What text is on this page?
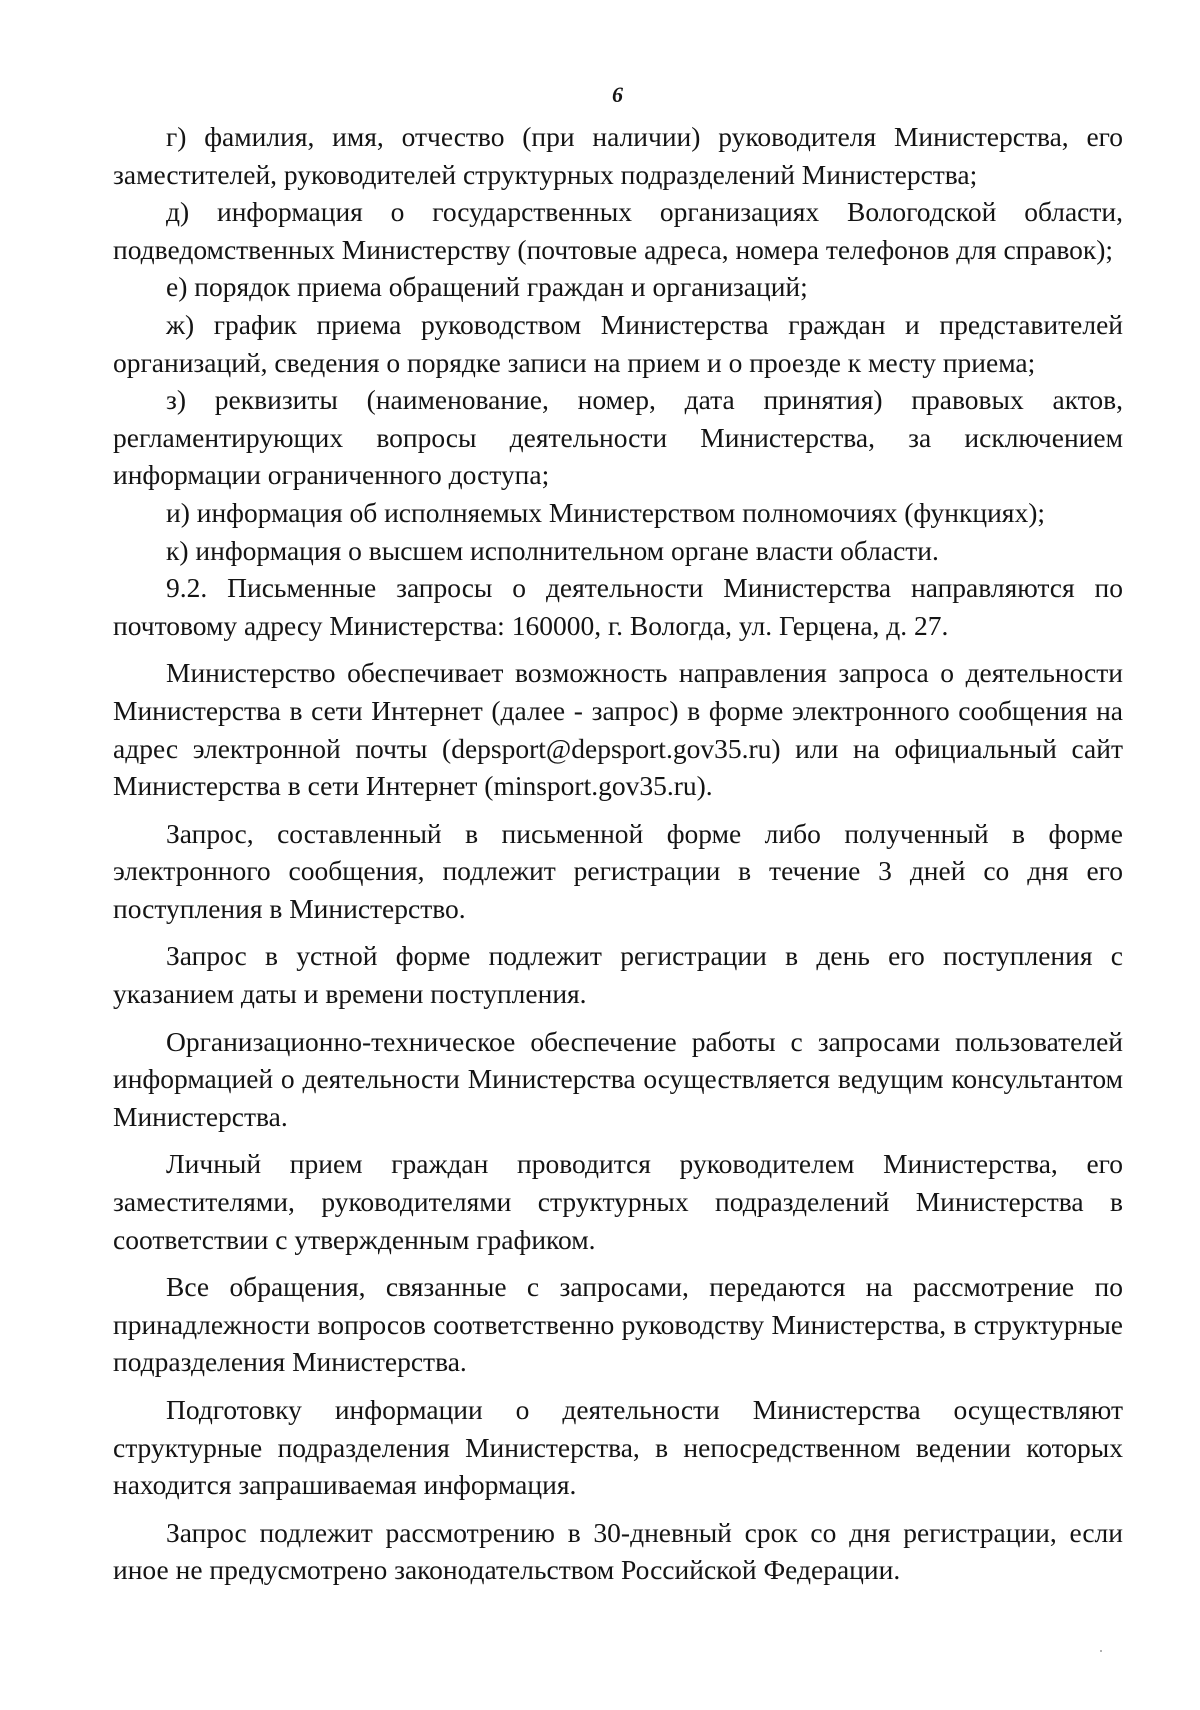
6

г) фамилия, имя, отчество (при наличии) руководителя Министерства, его заместителей, руководителей структурных подразделений Министерства;

д) информация о государственных организациях Вологодской области, подведомственных Министерству (почтовые адреса, номера телефонов для справок);

е) порядок приема обращений граждан и организаций;

ж) график приема руководством Министерства граждан и представителей организаций, сведения о порядке записи на прием и о проезде к месту приема;

з) реквизиты (наименование, номер, дата принятия) правовых актов, регламентирующих вопросы деятельности Министерства, за исключением информации ограниченного доступа;

и) информация об исполняемых Министерством полномочиях (функциях);

к) информация о высшем исполнительном органе власти области.

9.2. Письменные запросы о деятельности Министерства направляются по почтовому адресу Министерства: 160000, г. Вологда, ул. Герцена, д. 27.

Министерство обеспечивает возможность направления запроса о деятельности Министерства в сети Интернет (далее - запрос) в форме электронного сообщения на адрес электронной почты (depsport@depsport.gov35.ru) или на официальный сайт Министерства в сети Интернет (minsport.gov35.ru).

Запрос, составленный в письменной форме либо полученный в форме электронного сообщения, подлежит регистрации в течение 3 дней со дня его поступления в Министерство.

Запрос в устной форме подлежит регистрации в день его поступления с указанием даты и времени поступления.

Организационно-техническое обеспечение работы с запросами пользователей информацией о деятельности Министерства осуществляется ведущим консультантом Министерства.

Личный прием граждан проводится руководителем Министерства, его заместителями, руководителями структурных подразделений Министерства в соответствии с утвержденным графиком.

Все обращения, связанные с запросами, передаются на рассмотрение по принадлежности вопросов соответственно руководству Министерства, в структурные подразделения Министерства.

Подготовку информации о деятельности Министерства осуществляют структурные подразделения Министерства, в непосредственном ведении которых находится запрашиваемая информация.

Запрос подлежит рассмотрению в 30-дневный срок со дня регистрации, если иное не предусмотрено законодательством Российской Федерации.
